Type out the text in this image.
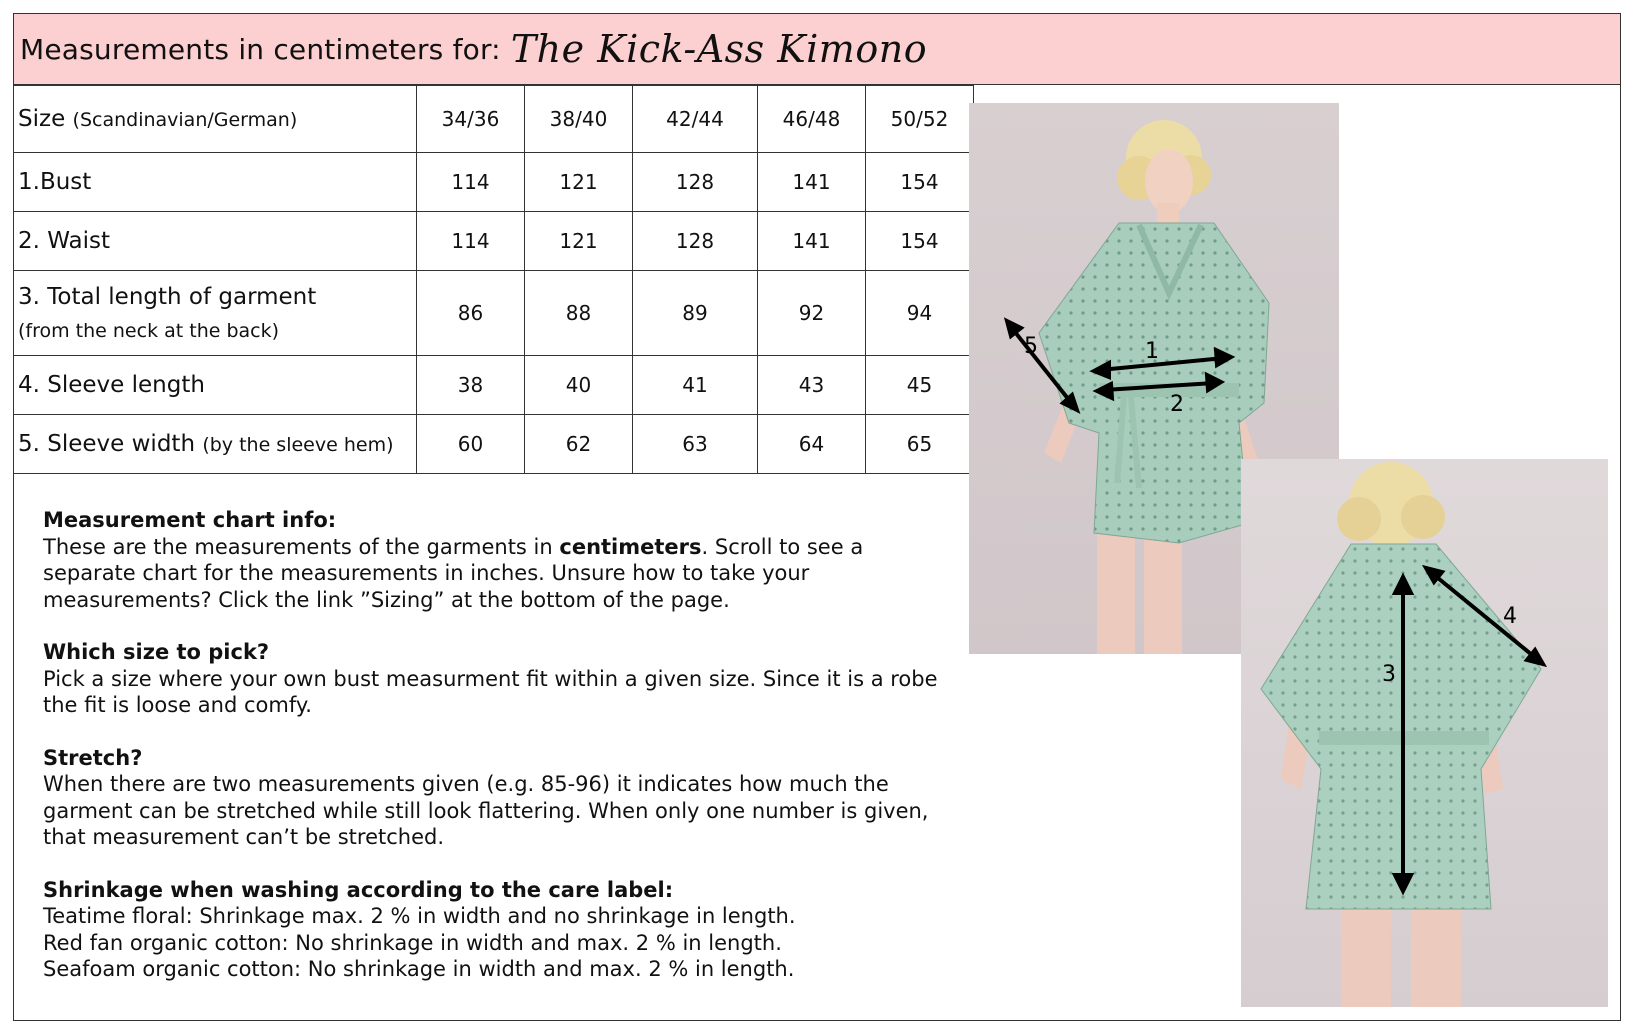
Measurements in centimeters for: The Kick-Ass Kimono
Size (Scandinavian/German)	34/36	38/40	42/44	46/48	50/52
1.Bust	114	121	128	141	154
2. Waist	114	121	128	141	154
3. Total length of garment
(from the neck at the back)	86	88	89	92	94
4. Sleeve length	38	40	41	43	45
5. Sleeve width (by the sleeve hem)	60	62	63	64	65
Measurement chart info:

These are the measurements of the garments in centimeters. Scroll to see a separate chart for the measurements in inches. Unsure how to take your measurements? Click the link ”Sizing” at the bottom of the page.

Which size to pick?

Pick a size where your own bust measurment fit within a given size. Since it is a robe the fit is loose and comfy.

Stretch?

When there are two measurements given (e.g. 85-96) it indicates how much the garment can be stretched while still look flattering. When only one number is given, that measurement can’t be stretched.

Shrinkage when washing according to the care label:

Teatime floral: Shrinkage max. 2 % in width and no shrinkage in length.

Red fan organic cotton: No shrinkage in width and max. 2 % in length.

Seafoam organic cotton: No shrinkage in width and max. 2 % in length.

1
2
5
3
4
